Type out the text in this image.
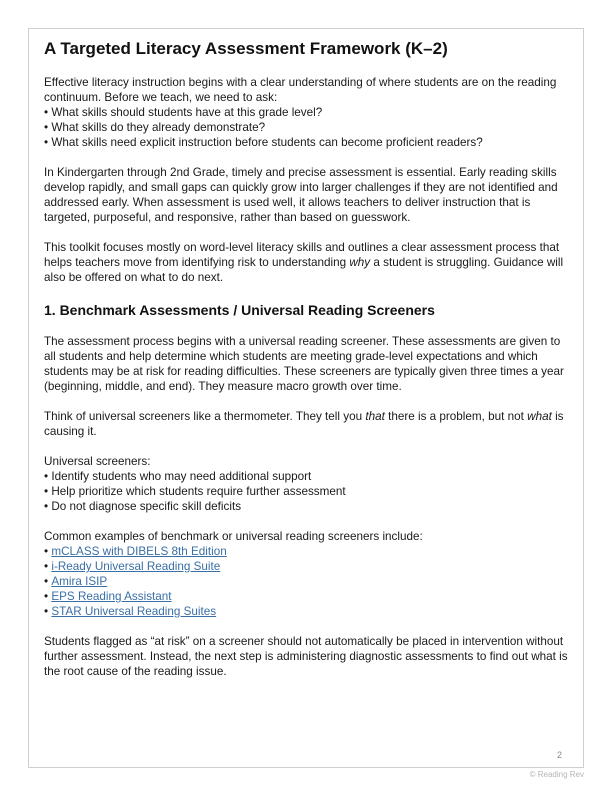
A Targeted Literacy Assessment Framework (K–2)

Effective literacy instruction begins with a clear understanding of where students are on the reading continuum. Before we teach, we need to ask:

• What skills should students have at this grade level?
• What skills do they already demonstrate?
• What skills need explicit instruction before students can become proficient readers?

In Kindergarten through 2nd Grade, timely and precise assessment is essential. Early reading skills develop rapidly, and small gaps can quickly grow into larger challenges if they are not identified and addressed early. When assessment is used well, it allows teachers to deliver instruction that is targeted, purposeful, and responsive, rather than based on guesswork.

This toolkit focuses mostly on word-level literacy skills and outlines a clear assessment process that helps teachers move from identifying risk to understanding why a student is struggling. Guidance will also be offered on what to do next.

1. Benchmark Assessments / Universal Reading Screeners

The assessment process begins with a universal reading screener. These assessments are given to all students and help determine which students are meeting grade-level expectations and which students may be at risk for reading difficulties. These screeners are typically given three times a year (beginning, middle, and end). They measure macro growth over time.

Think of universal screeners like a thermometer. They tell you that there is a problem, but not what is causing it.

Universal screeners:

• Identify students who may need additional support
• Help prioritize which students require further assessment
• Do not diagnose specific skill deficits

Common examples of benchmark or universal reading screeners include:

• mCLASS with DIBELS 8th Edition
• i-Ready Universal Reading Suite
• Amira ISIP
• EPS Reading Assistant
• STAR Universal Reading Suites

Students flagged as “at risk” on a screener should not automatically be placed in intervention without further assessment. Instead, the next step is administering diagnostic assessments to find out what is the root cause of the reading issue.

2
© Reading Rev
